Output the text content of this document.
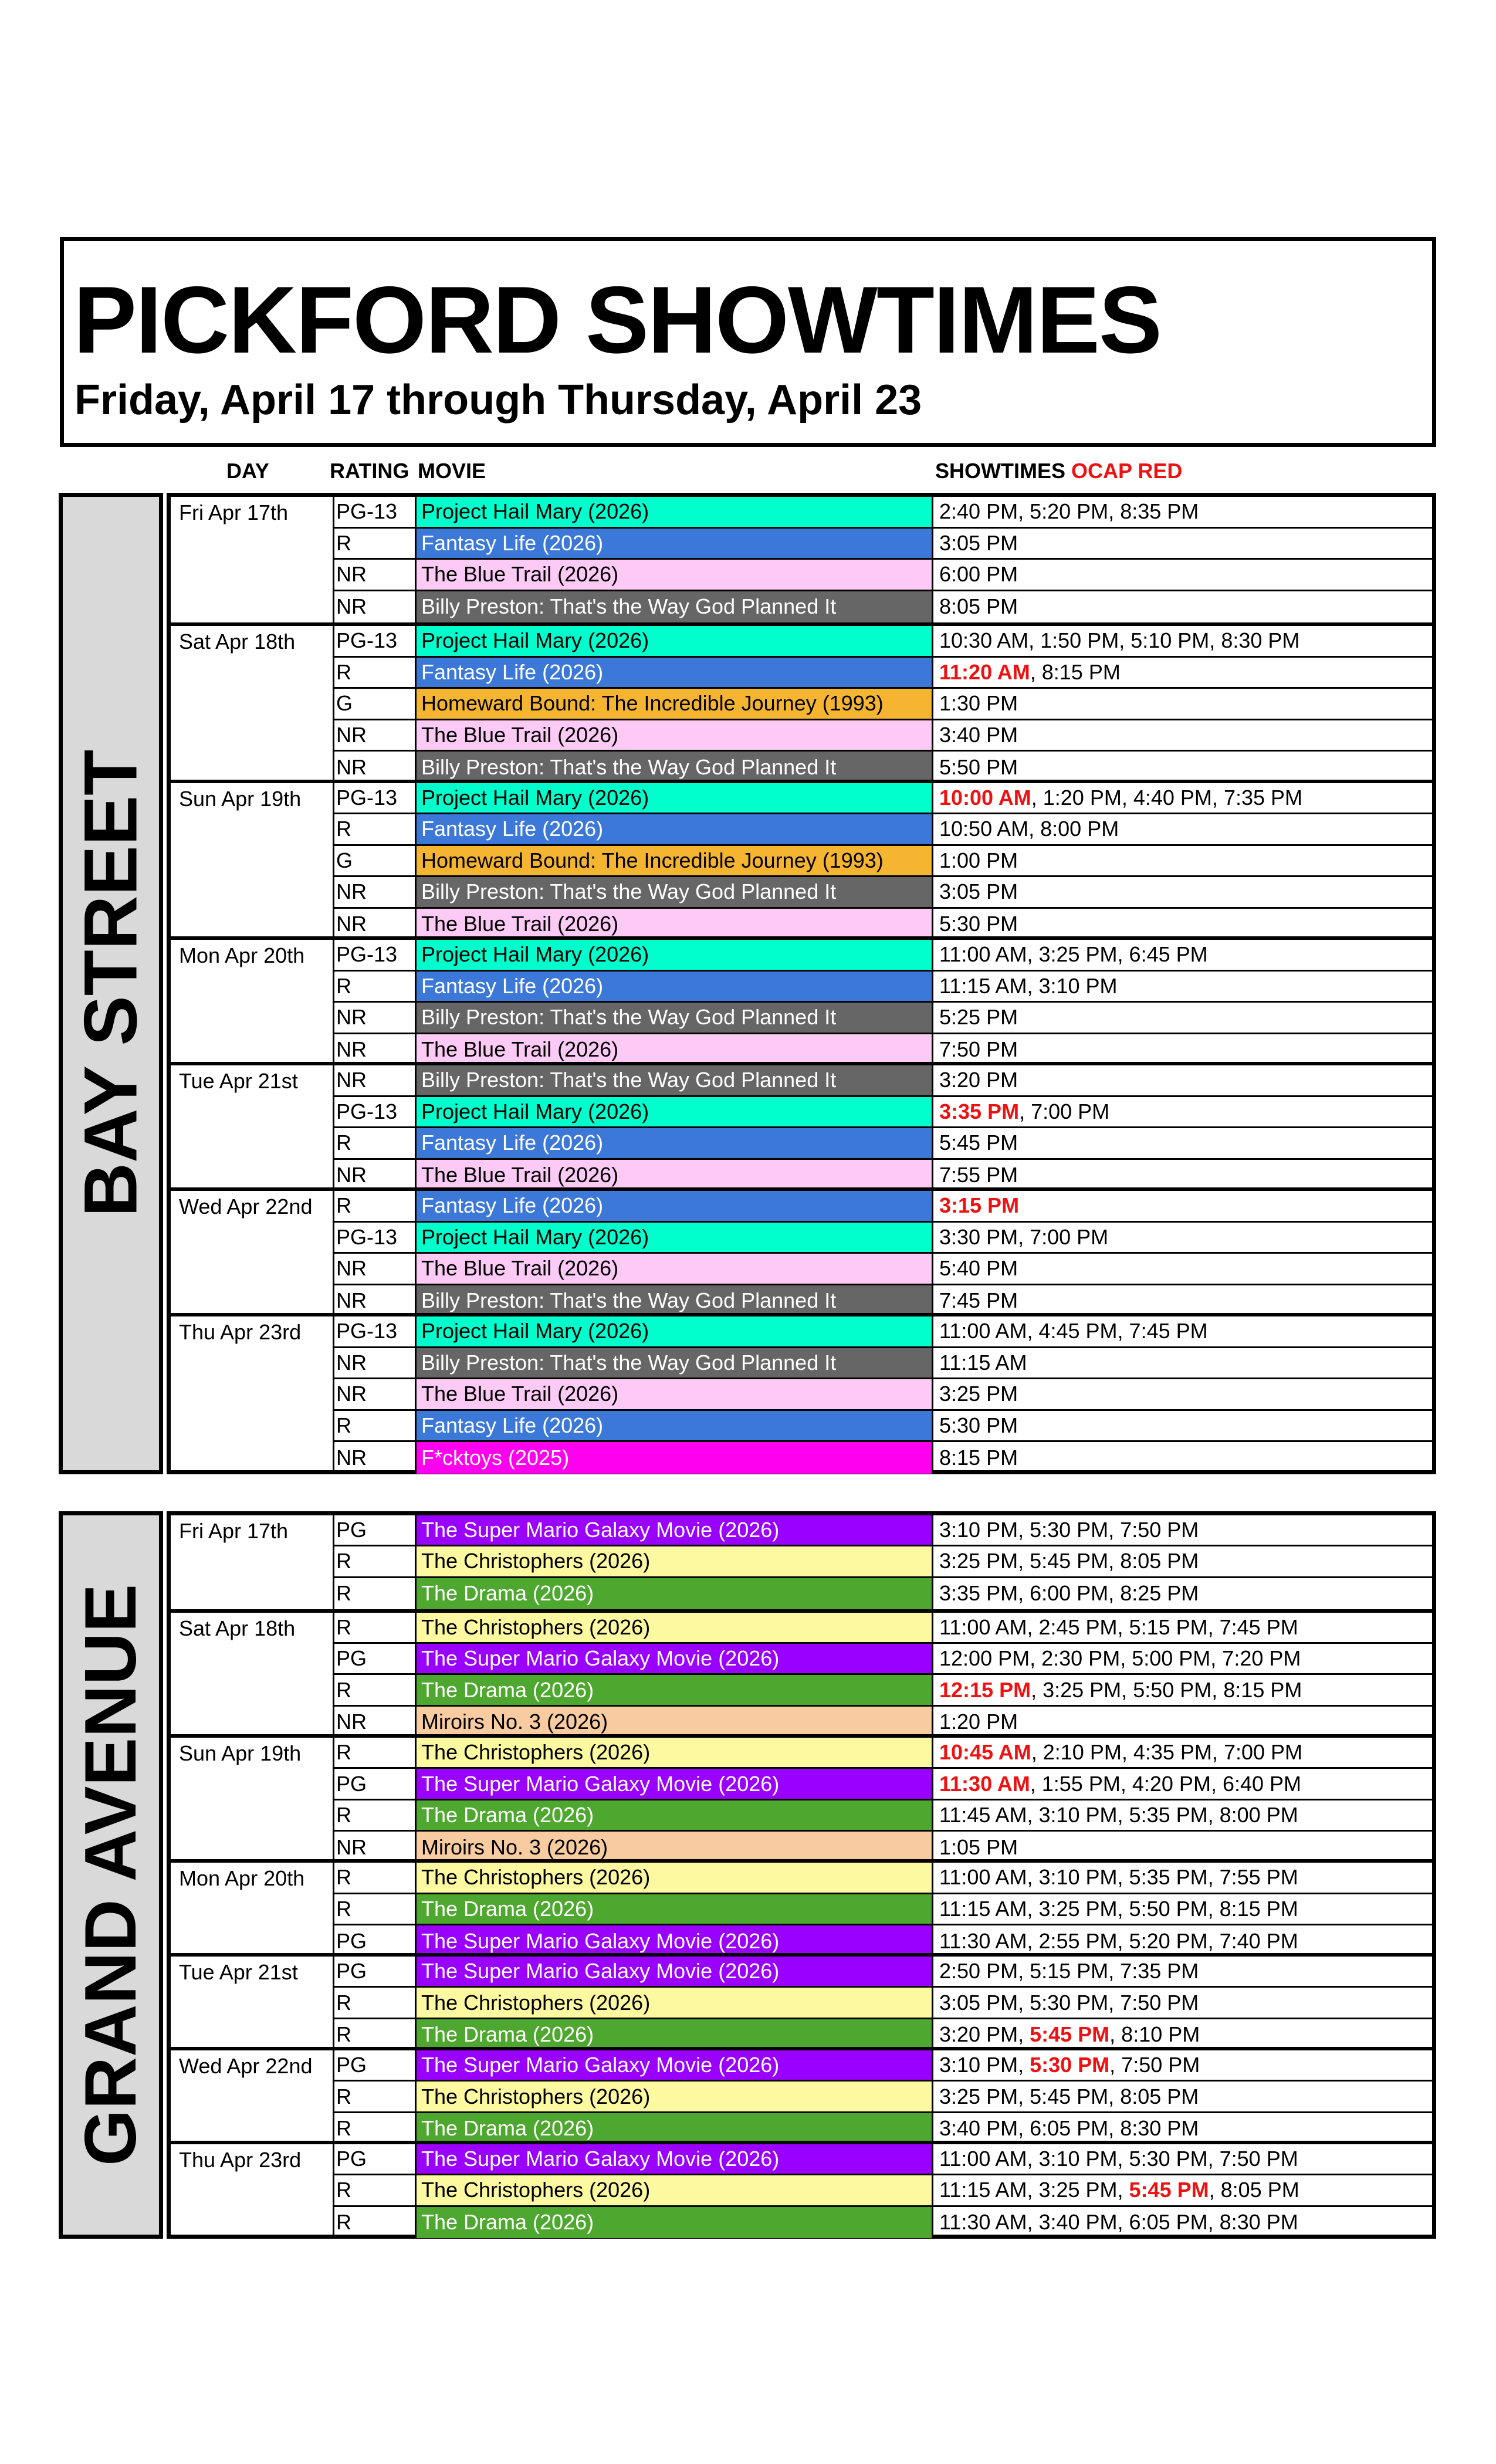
PICKFORD SHOWTIMES
Friday, April 17 through Thursday, April 23
DAY	RATING MOVIE	SHOWTIMES OCAP RED
BAY STREET
Fri Apr 17th PG-13	Project Hail Mary (2026)	2:40 PM , 5:20 PM , 8:35 PM
R	Fantasy Life (2026)	3:05 PM
NR	The Blue Trail (2026)	6:00 PM
NR	Billy Preston: That's the Way God Planned It	8:05 PM
Sat Apr 18th PG-13	Project Hail Mary (2026)	10:30 AM , 1:50 PM , 5:10 PM , 8:30 PM
R	Fantasy Life (2026)	11:20 AM , 8:15 PM
G	Homeward Bound: The Incredible Journey (1993)	1:30 PM
NR	The Blue Trail (2026)	3:40 PM
NR	Billy Preston: That's the Way God Planned It	5:50 PM
Sun Apr 19th PG-13	Project Hail Mary (2026)	10:00 AM , 1:20 PM , 4:40 PM , 7:35 PM
R	Fantasy Life (2026)	10:50 AM , 8:00 PM
G	Homeward Bound: The Incredible Journey (1993)	1:00 PM
NR	Billy Preston: That's the Way God Planned It	3:05 PM
NR	The Blue Trail (2026)	5:30 PM
Mon Apr 20th PG-13	Project Hail Mary (2026)	11:00 AM , 3:25 PM , 6:45 PM
R	Fantasy Life (2026)	11:15 AM , 3:10 PM
NR	Billy Preston: That's the Way God Planned It	5:25 PM
NR	The Blue Trail (2026)	7:50 PM
Tue Apr 21st NR	Billy Preston: That's the Way God Planned It	3:20 PM
PG-13	Project Hail Mary (2026)	3:35 PM , 7:00 PM
R	Fantasy Life (2026)	5:45 PM
NR	The Blue Trail (2026)	7:55 PM
Wed Apr 22nd R	Fantasy Life (2026)	3:15 PM
PG-13	Project Hail Mary (2026)	3:30 PM , 7:00 PM
NR	The Blue Trail (2026)	5:40 PM
NR	Billy Preston: That's the Way God Planned It	7:45 PM
Thu Apr 23rd PG-13	Project Hail Mary (2026)	11:00 AM , 4:45 PM , 7:45 PM
NR	Billy Preston: That's the Way God Planned It	11:15 AM
NR	The Blue Trail (2026)	3:25 PM
R	Fantasy Life (2026)	5:30 PM
NR	F*cktoys (2025)	8:15 PM
GRAND AVENUE
Fri Apr 17th PG	The Super Mario Galaxy Movie (2026)	3:10 PM , 5:30 PM , 7:50 PM
R	The Christophers (2026)	3:25 PM , 5:45 PM , 8:05 PM
R	The Drama (2026)	3:35 PM , 6:00 PM , 8:25 PM
Sat Apr 18th R	The Christophers (2026)	11:00 AM , 2:45 PM , 5:15 PM , 7:45 PM
PG	The Super Mario Galaxy Movie (2026)	12:00 PM , 2:30 PM , 5:00 PM , 7:20 PM
R	The Drama (2026)	12:15 PM , 3:25 PM , 5:50 PM , 8:15 PM
NR	Miroirs No. 3 (2026)	1:20 PM
Sun Apr 19th R	The Christophers (2026)	10:45 AM , 2:10 PM , 4:35 PM , 7:00 PM
PG	The Super Mario Galaxy Movie (2026)	11:30 AM , 1:55 PM , 4:20 PM , 6:40 PM
R	The Drama (2026)	11:45 AM , 3:10 PM , 5:35 PM , 8:00 PM
NR	Miroirs No. 3 (2026)	1:05 PM
Mon Apr 20th R	The Christophers (2026)	11:00 AM , 3:10 PM , 5:35 PM , 7:55 PM
R	The Drama (2026)	11:15 AM , 3:25 PM , 5:50 PM , 8:15 PM
PG	The Super Mario Galaxy Movie (2026)	11:30 AM , 2:55 PM , 5:20 PM , 7:40 PM
Tue Apr 21st PG	The Super Mario Galaxy Movie (2026)	2:50 PM , 5:15 PM , 7:35 PM
R	The Christophers (2026)	3:05 PM , 5:30 PM , 7:50 PM
R	The Drama (2026)	3:20 PM , 5:45 PM , 8:10 PM
Wed Apr 22nd PG	The Super Mario Galaxy Movie (2026)	3:10 PM , 5:30 PM , 7:50 PM
R	The Christophers (2026)	3:25 PM , 5:45 PM , 8:05 PM
R	The Drama (2026)	3:40 PM , 6:05 PM , 8:30 PM
Thu Apr 23rd PG	The Super Mario Galaxy Movie (2026)	11:00 AM , 3:10 PM , 5:30 PM , 7:50 PM
R	The Christophers (2026)	11:15 AM , 3:25 PM , 5:45 PM , 8:05 PM
R	The Drama (2026)	11:30 AM , 3:40 PM , 6:05 PM , 8:30 PM
